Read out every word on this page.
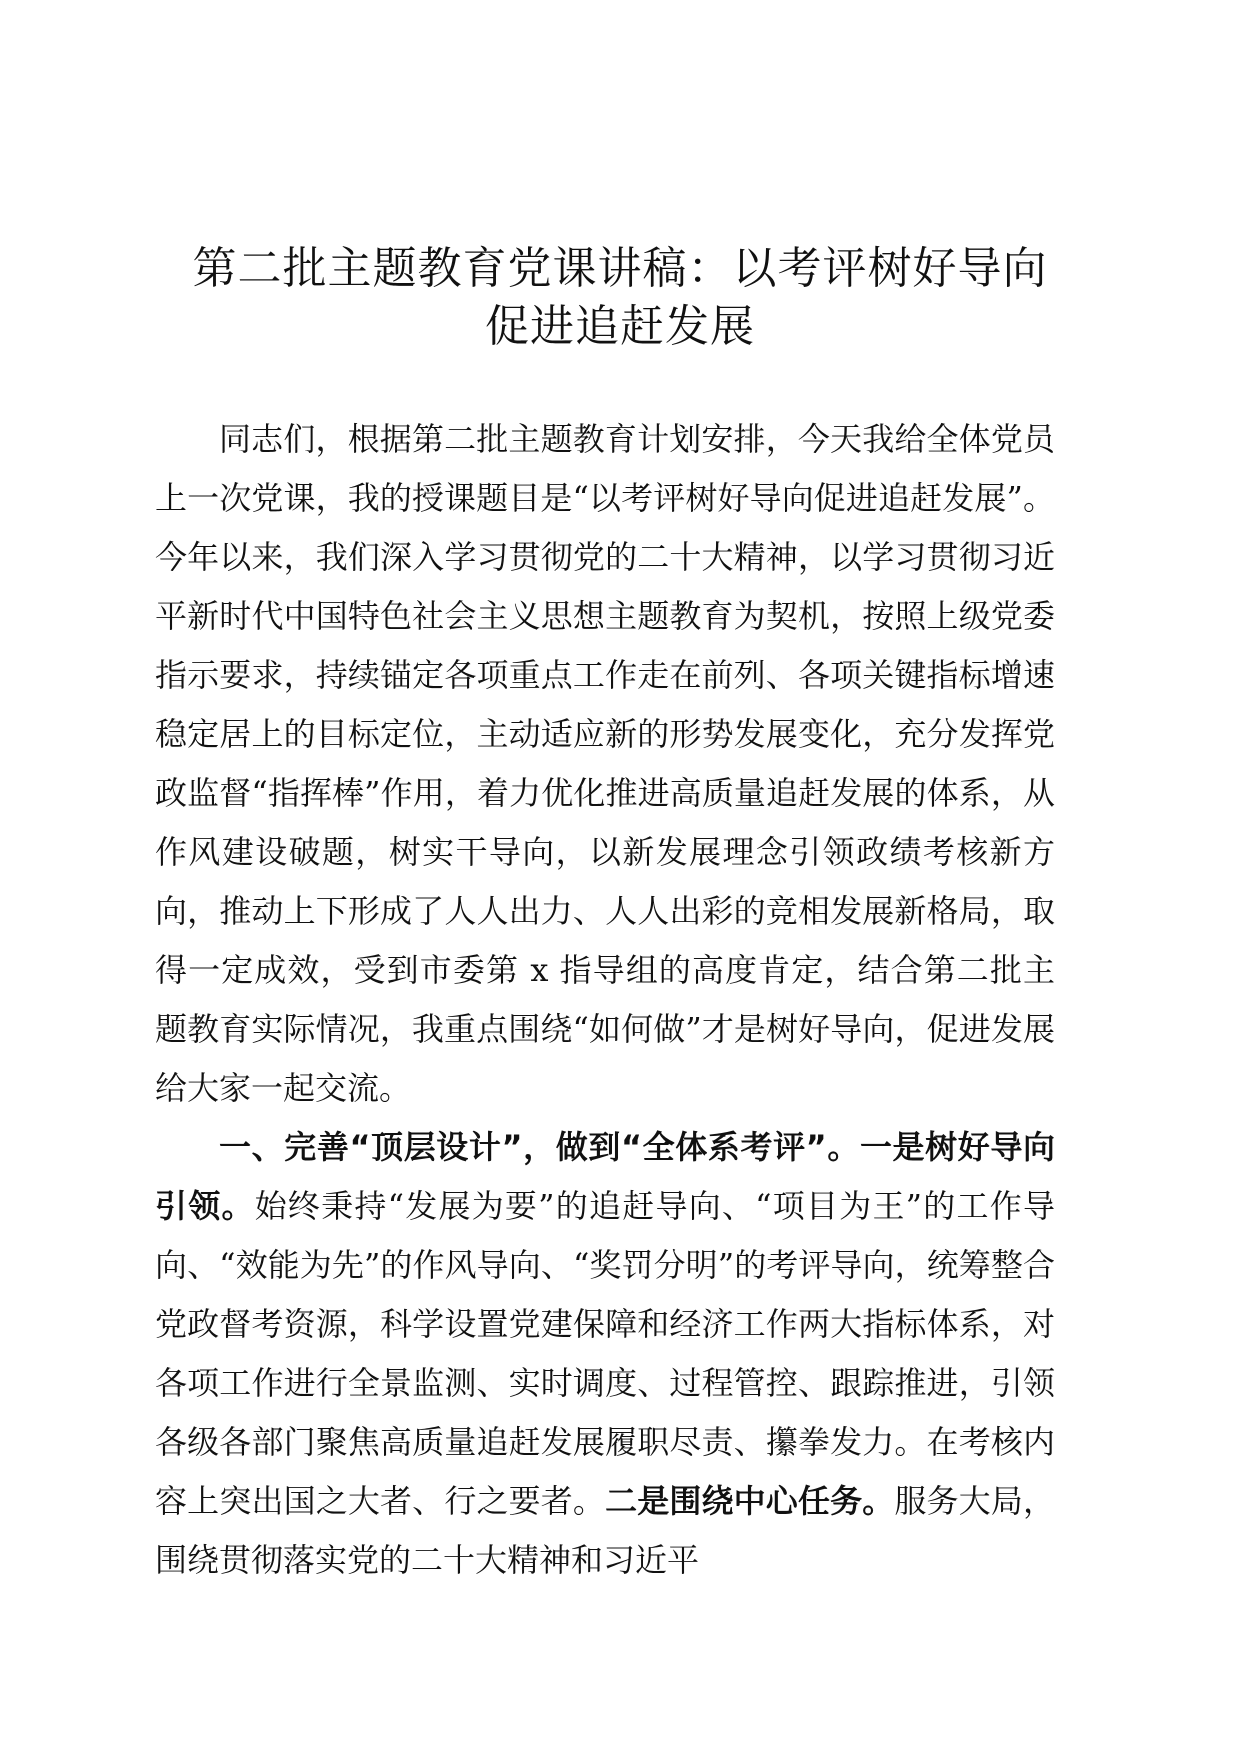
第二批主题教育党课讲稿：以考评树好导向
促进追赶发展

同志们，根据第二批主题教育计划安排，今天我给全体党员上一次党课，我的授课题目是“以考评树好导向促进追赶发展”。今年以来，我们深入学习贯彻党的二十大精神，以学习贯彻习近平新时代中国特色社会主义思想主题教育为契机，按照上级党委指示要求，持续锚定各项重点工作走在前列、各项关键指标增速稳定居上的目标定位，主动适应新的形势发展变化，充分发挥党政监督“指挥棒”作用，着力优化推进高质量追赶发展的体系，从作风建设破题，树实干导向，以新发展理念引领政绩考核新方向，推动上下形成了人人出力、人人出彩的竞相发展新格局，取得一定成效，受到市委第 x 指导组的高度肯定，结合第二批主题教育实际情况，我重点围绕“如何做”才是树好导向，促进发展给大家一起交流。

一、完善“顶层设计”，做到“全体系考评”。一是树好导向引领。始终秉持“发展为要”的追赶导向、“项目为王”的工作导向、“效能为先”的作风导向、“奖罚分明”的考评导向，统筹整合党政督考资源，科学设置党建保障和经济工作两大指标体系，对各项工作进行全景监测、实时调度、过程管控、跟踪推进，引领各级各部门聚焦高质量追赶发展履职尽责、攥拳发力。在考核内容上突出国之大者、行之要者。二是围绕中心任务。服务大局，围绕贯彻落实党的二十大精神和习近平
